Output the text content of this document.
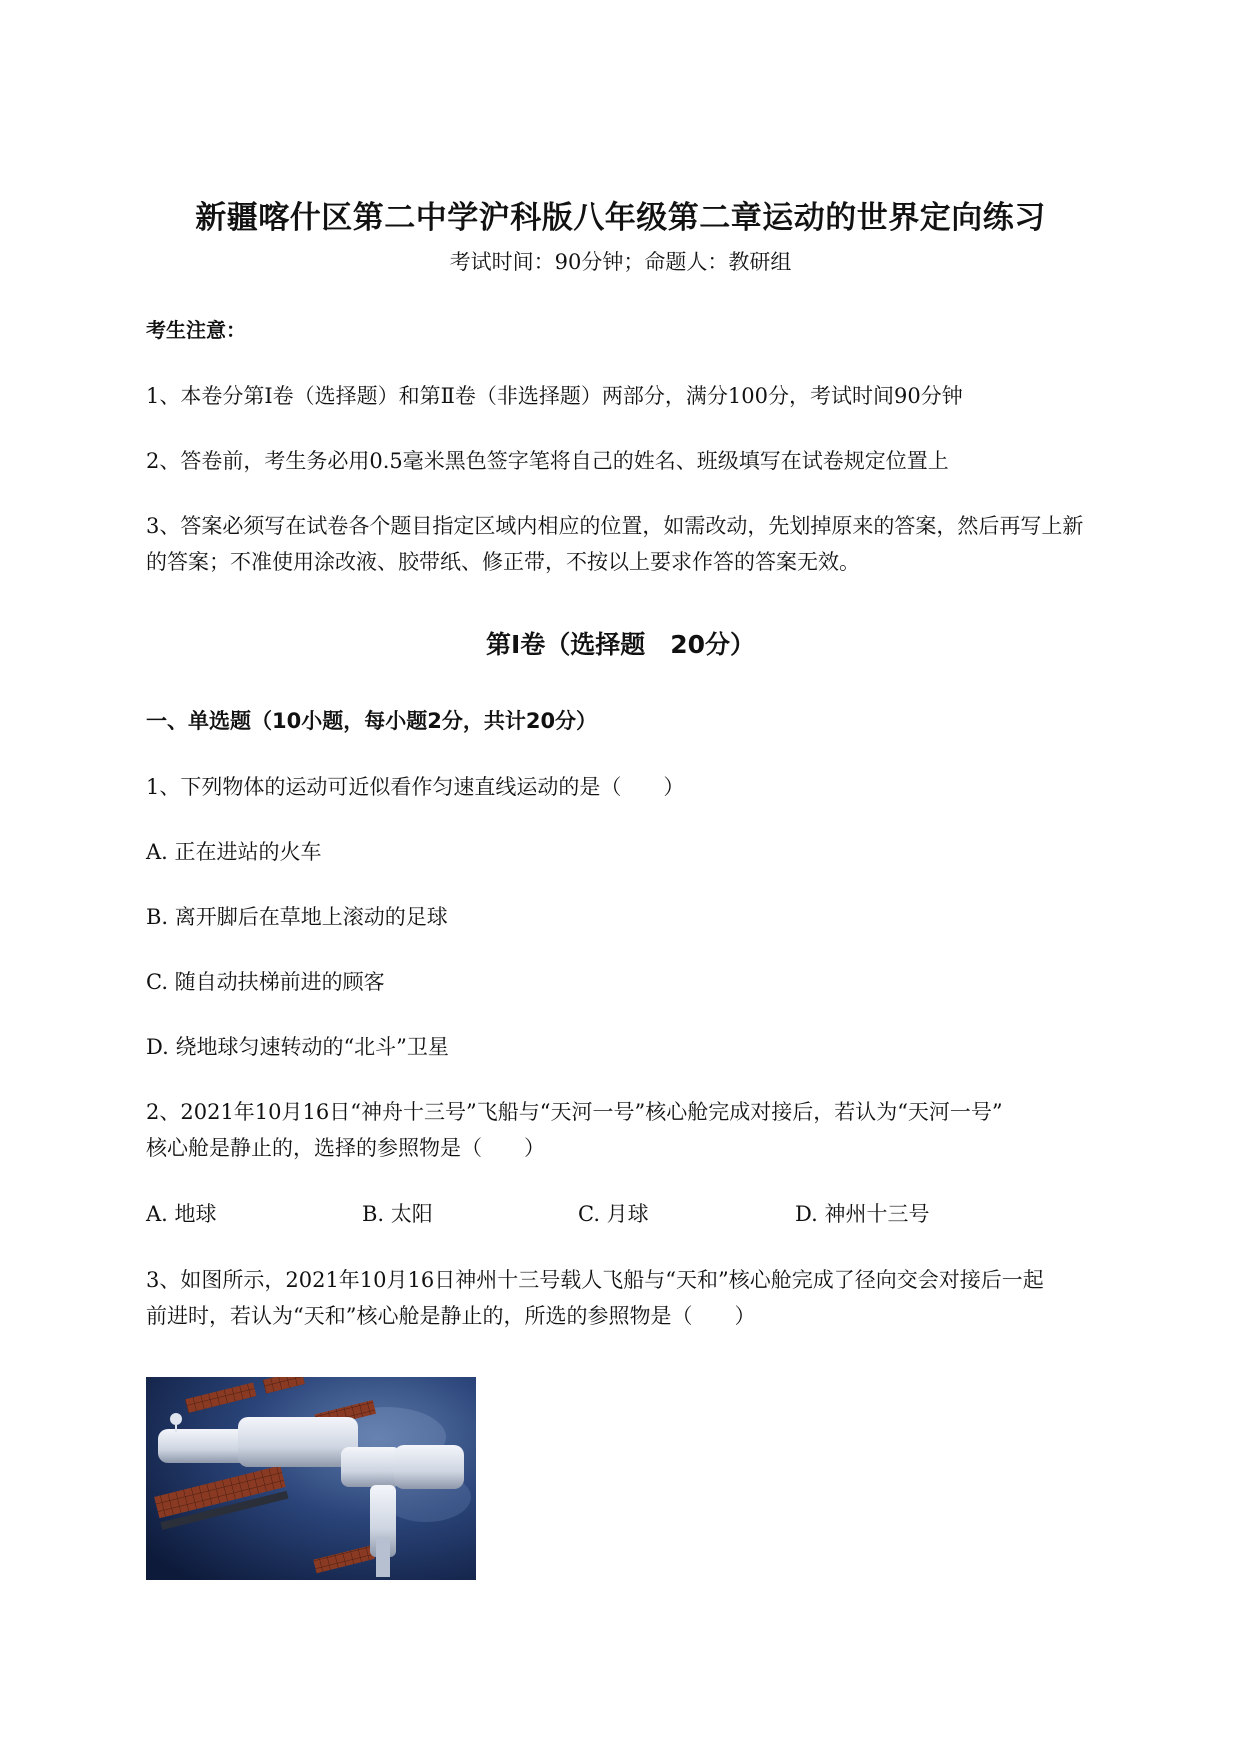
新疆喀什区第二中学沪科版八年级第二章运动的世界定向练习
考试时间：90分钟；命题人：教研组
考生注意：
1、本卷分第I卷（选择题）和第Ⅱ卷（非选择题）两部分，满分100分，考试时间90分钟
2、答卷前，考生务必用0.5毫米黑色签字笔将自己的姓名、班级填写在试卷规定位置上
3、答案必须写在试卷各个题目指定区域内相应的位置，如需改动，先划掉原来的答案，然后再写上新
的答案；不准使用涂改液、胶带纸、修正带，不按以上要求作答的答案无效。
第I卷（选择题　20分）
一、单选题（10小题，每小题2分，共计20分）
1、下列物体的运动可近似看作匀速直线运动的是（　　）
A. 正在进站的火车
B. 离开脚后在草地上滚动的足球
C. 随自动扶梯前进的顾客
D. 绕地球匀速转动的“北斗”卫星
2、2021年10月16日“神舟十三号”飞船与“天河一号”核心舱完成对接后，若认为“天河一号”
核心舱是静止的，选择的参照物是（　　）
A. 地球	B. 太阳	C. 月球	D. 神州十三号
3、如图所示，2021年10月16日神州十三号载人飞船与“天和”核心舱完成了径向交会对接后一起
前进时，若认为“天和”核心舱是静止的，所选的参照物是（　　）
